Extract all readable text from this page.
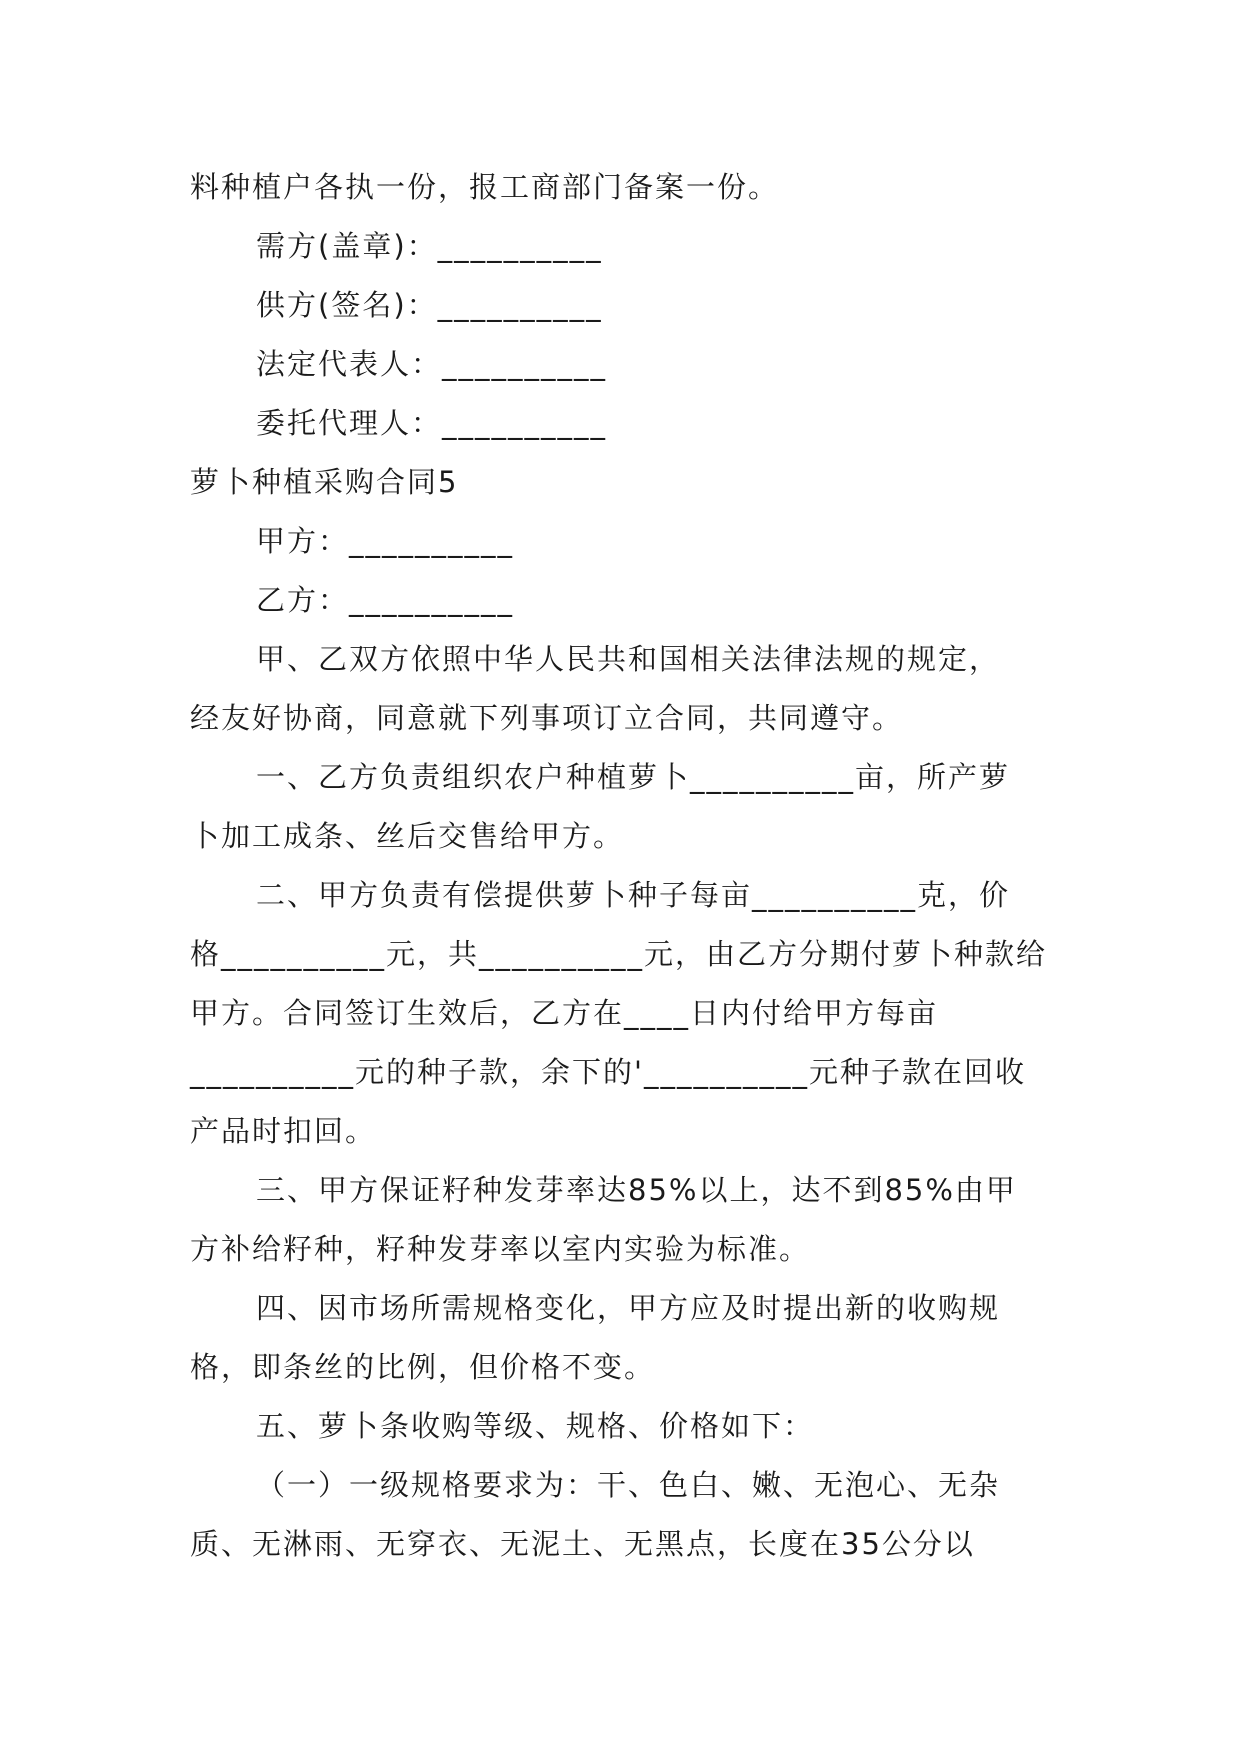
料种植户各执一份，报工商部门备案一份。
需方(盖章)：__________
供方(签名)：__________
法定代表人：__________
委托代理人：__________
萝卜种植采购合同5
甲方：__________
乙方：__________
甲、乙双方依照中华人民共和国相关法律法规的规定，
经友好协商，同意就下列事项订立合同，共同遵守。
一、乙方负责组织农户种植萝卜__________亩，所产萝
卜加工成条、丝后交售给甲方。
二、甲方负责有偿提供萝卜种子每亩__________克，价
格__________元，共__________元，由乙方分期付萝卜种款给
甲方。合同签订生效后，乙方在____日内付给甲方每亩
__________元的种子款，余下的'__________元种子款在回收
产品时扣回。
三、甲方保证籽种发芽率达85%以上，达不到85%由甲
方补给籽种，籽种发芽率以室内实验为标准。
四、因市场所需规格变化，甲方应及时提出新的收购规
格，即条丝的比例，但价格不变。
五、萝卜条收购等级、规格、价格如下：
（一）一级规格要求为：干、色白、嫩、无泡心、无杂
质、无淋雨、无穿衣、无泥土、无黑点，长度在35公分以
